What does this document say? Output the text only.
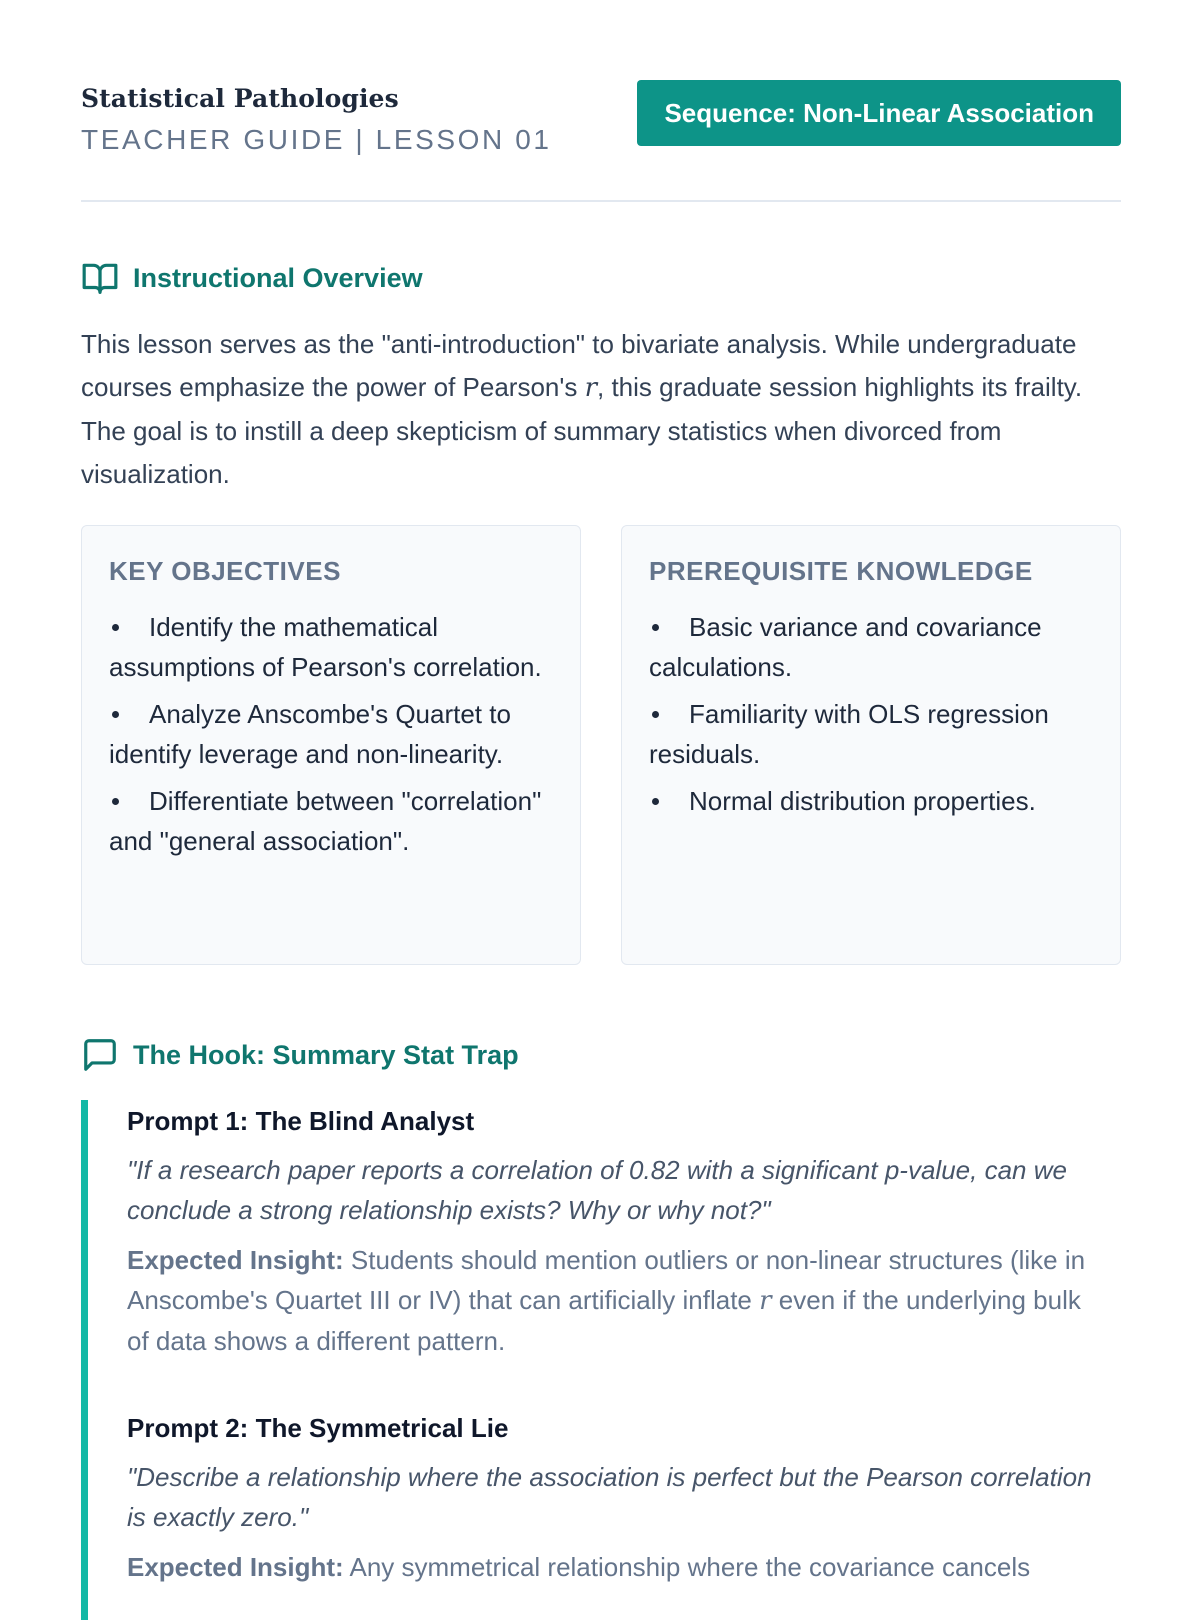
Statistical Pathologies
TEACHER GUIDE | LESSON 01
Sequence: Non-Linear Association
Instructional Overview

This lesson serves as the "anti-introduction" to bivariate analysis. While undergraduate courses emphasize the power of Pearson's r, this graduate session highlights its frailty. The goal is to instill a deep skepticism of summary statistics when divorced from visualization.

KEY OBJECTIVES
Identify the mathematical assumptions of Pearson's correlation.
Analyze Anscombe's Quartet to identify leverage and non-linearity.
Differentiate between "correlation" and "general association".
PREREQUISITE KNOWLEDGE
Basic variance and covariance calculations.
Familiarity with OLS regression residuals.
Normal distribution properties.
The Hook: Summary Stat Trap

Prompt 1: The Blind Analyst

"If a research paper reports a correlation of 0.82 with a significant p-value, can we conclude a strong relationship exists? Why or why not?"

Expected Insight: Students should mention outliers or non-linear structures (like in Anscombe's Quartet III or IV) that can artificially inflate r even if the underlying bulk of data shows a different pattern.

Prompt 2: The Symmetrical Lie

"Describe a relationship where the association is perfect but the Pearson correlation is exactly zero."

Expected Insight: Any symmetrical relationship where the covariance cancels
